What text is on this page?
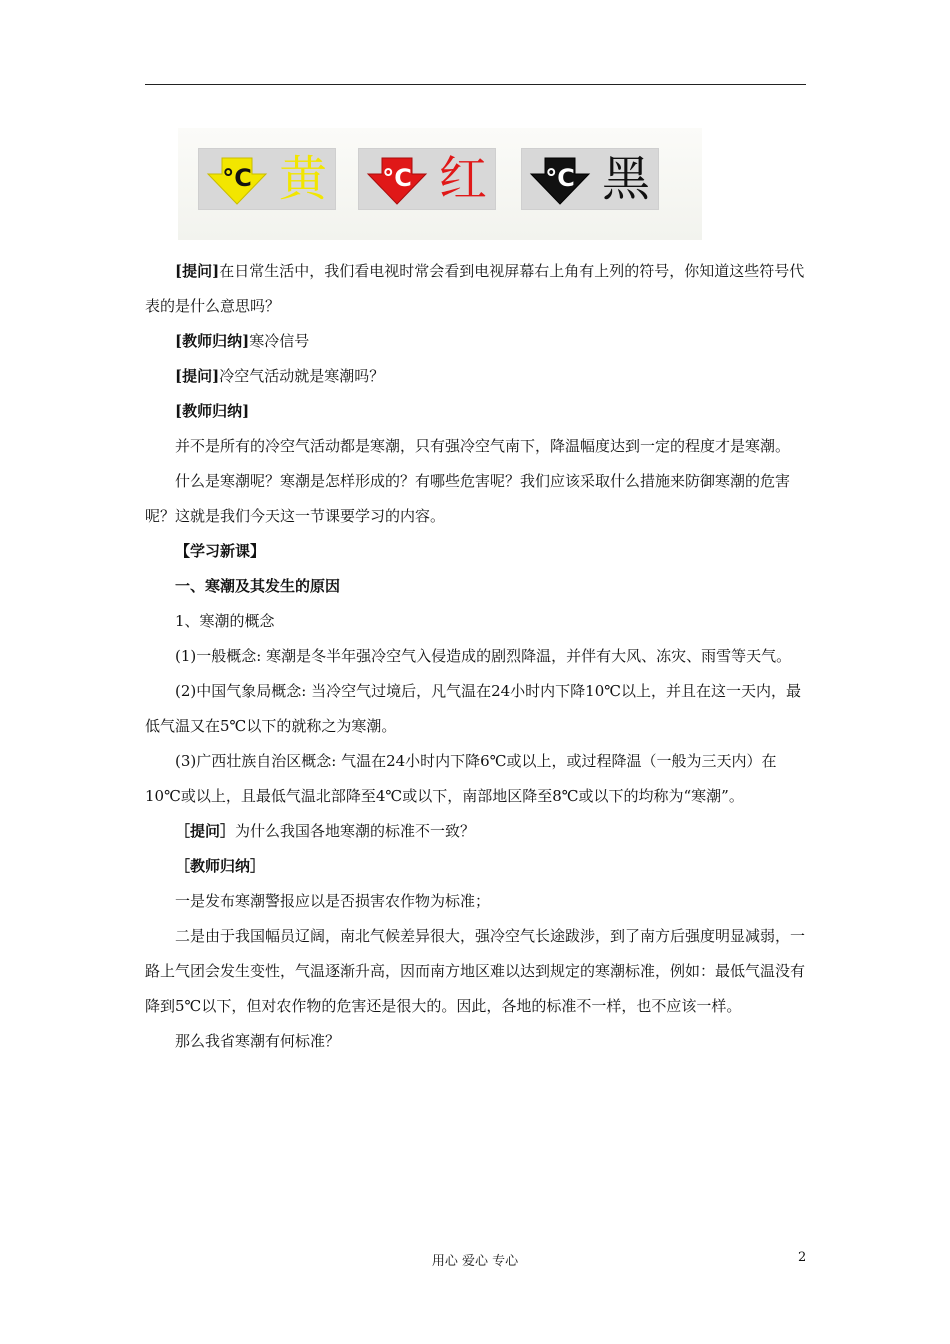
°C 黄 °C 红 °C 黑

[提问]在日常生活中，我们看电视时常会看到电视屏幕右上角有上列的符号，你知道这些符号代表的是什么意思吗？

[教师归纳]寒冷信号

[提问]冷空气活动就是寒潮吗？

[教师归纳]

并不是所有的冷空气活动都是寒潮，只有强冷空气南下，降温幅度达到一定的程度才是寒潮。

什么是寒潮呢？寒潮是怎样形成的？有哪些危害呢？我们应该采取什么措施来防御寒潮的危害呢？这就是我们今天这一节课要学习的内容。

【学习新课】

一、寒潮及其发生的原因

1、寒潮的概念

(1)一般概念: 寒潮是冬半年强冷空气入侵造成的剧烈降温，并伴有大风、冻灾、雨雪等天气。

(2)中国气象局概念: 当冷空气过境后，凡气温在24小时内下降10℃以上，并且在这一天内，最低气温又在5℃以下的就称之为寒潮。

(3)广西壮族自治区概念: 气温在24小时内下降6℃或以上，或过程降温（一般为三天内）在10℃或以上，且最低气温北部降至4℃或以下，南部地区降至8℃或以下的均称为“寒潮”。

［提问］为什么我国各地寒潮的标准不一致？

［教师归纳］

一是发布寒潮警报应以是否损害农作物为标准；

二是由于我国幅员辽阔，南北气候差异很大，强冷空气长途跋涉，到了南方后强度明显减弱，一路上气团会发生变性，气温逐渐升高，因而南方地区难以达到规定的寒潮标准，例如：最低气温没有降到5℃以下，但对农作物的危害还是很大的。因此，各地的标准不一样，也不应该一样。

那么我省寒潮有何标准？

用心 爱心 专心	2
